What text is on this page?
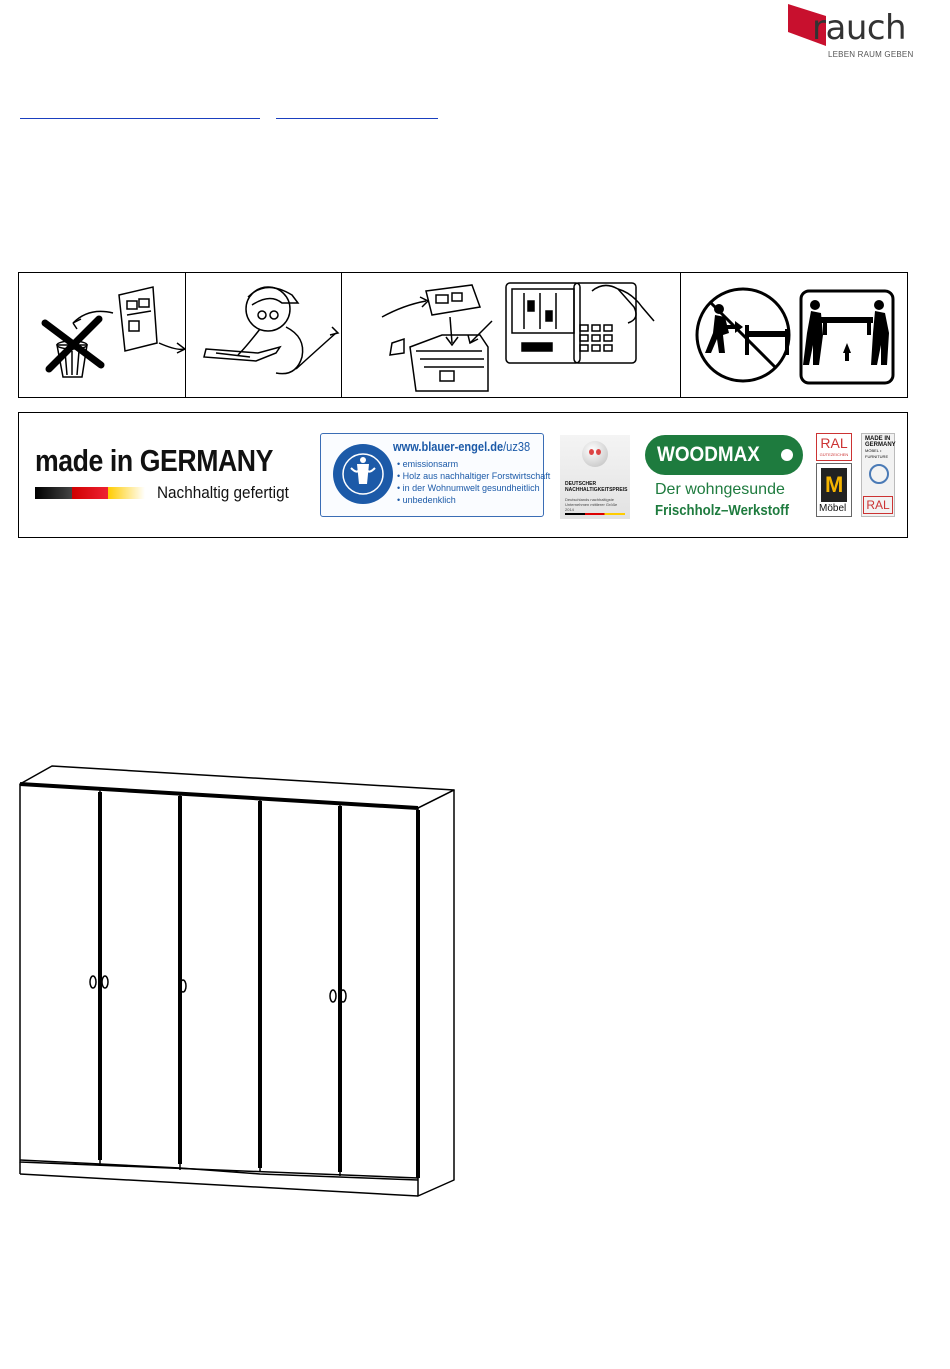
rauch
LEBEN RAUM GEBEN
made in GERMANY
Nachhaltig gefertigt
www.blauer-engel.de/uz38
• emissionsarm
• Holz aus nachhaltiger Forstwirtschaft
• in der Wohnumwelt gesundheitlich
• unbedenklich
DEUTSCHER NACHHALTIGKEITSPREIS
Deutschlands nachhaltigste Unternehmen mittlerer Größe 2014
WOODMAX
Der wohngesunde
Frischholz–Werkstoff
RAL
GÜTEZEICHEN
M
Möbel
MADE IN GERMANY
MÖBEL • FURNITURE
RAL
